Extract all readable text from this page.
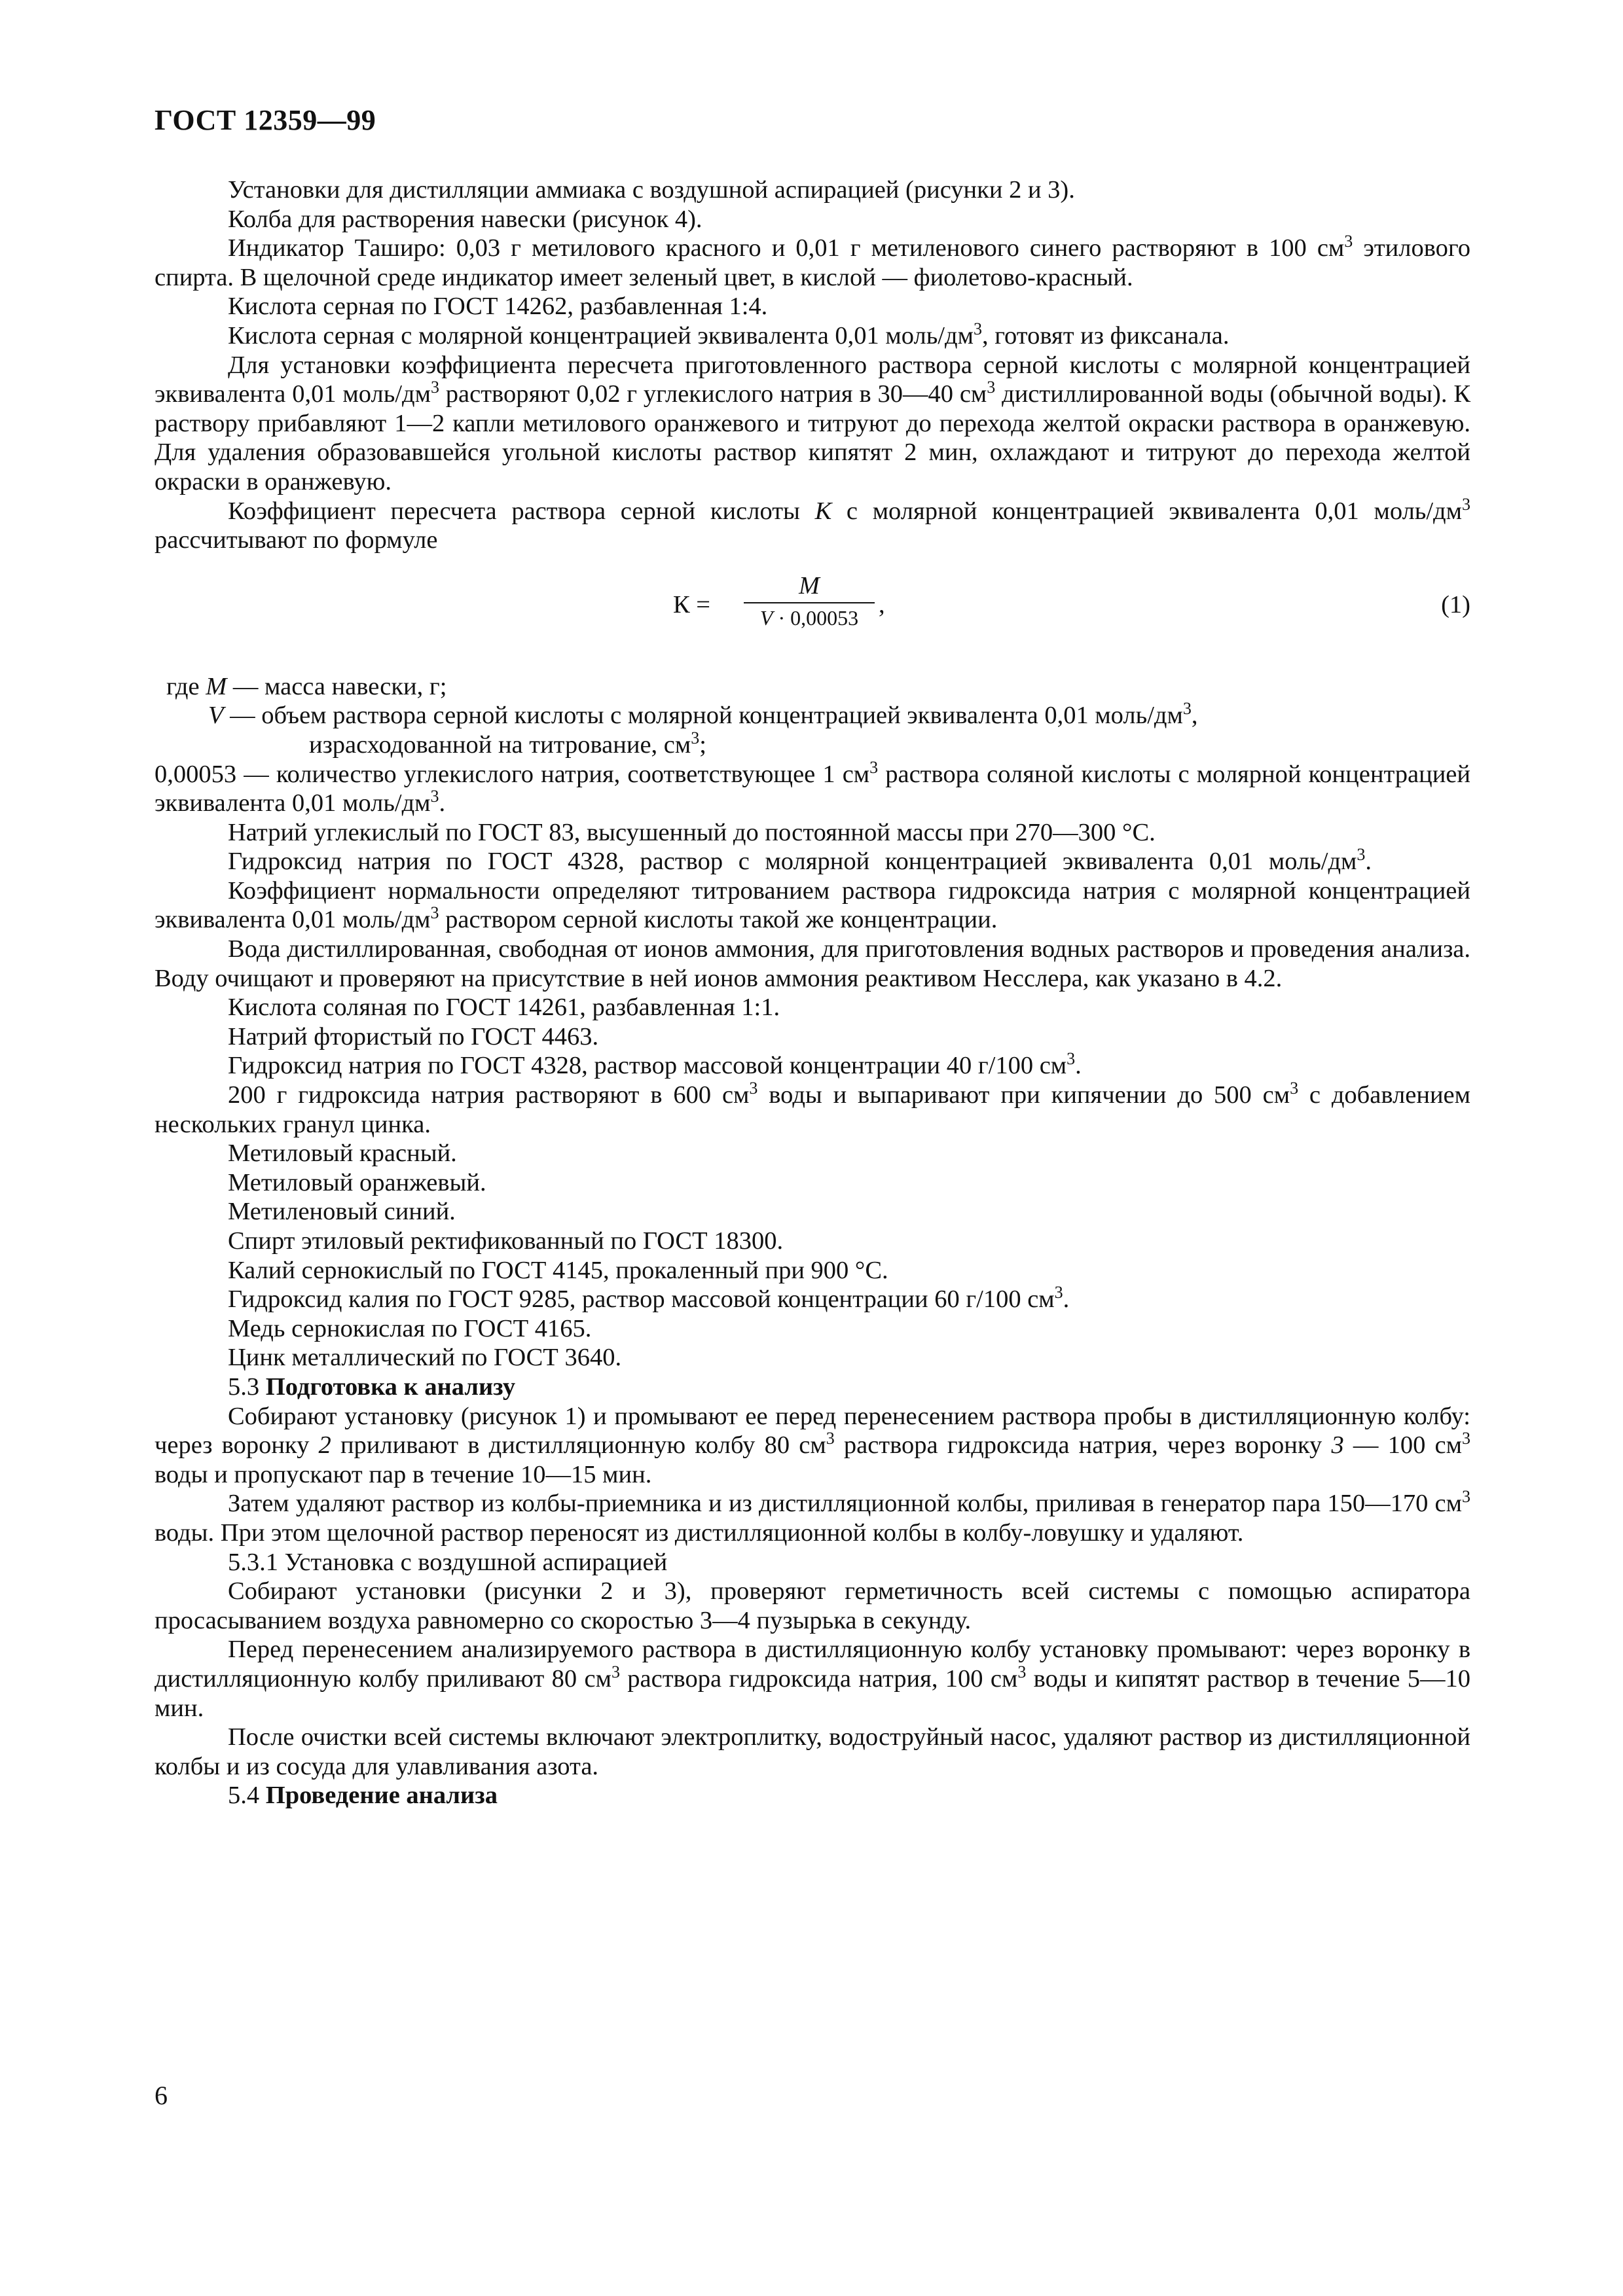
ГОСТ 12359—99

Установки для дистилляции аммиака с воздушной аспирацией (рисунки 2 и 3).

Колба для растворения навески (рисунок 4).

Индикатор Таширо: 0,03 г метилового красного и 0,01 г метиленового синего растворяют в 100 $см^3$ этилового спирта. В щелочной среде индикатор имеет зеленый цвет, в кислой — фиолетово-красный.

Кислота серная по ГОСТ 14262, разбавленная 1:4.

Кислота серная с молярной концентрацией эквивалента 0,01 моль/$дм^3$, готовят из фиксанала.

Для установки коэффициента пересчета приготовленного раствора серной кислоты с молярной концентрацией эквивалента 0,01 моль/$дм^3$ растворяют 0,02 г углекислого натрия в 30—40 $см^3$ дистиллированной воды (обычной воды). К раствору прибавляют 1—2 капли метилового оранжевого и титруют до перехода желтой окраски раствора в оранжевую. Для удаления образовавшейся угольной кислоты раствор кипятят 2 мин, охлаждают и титруют до перехода желтой окраски в оранжевую.

Коэффициент пересчета раствора серной кислоты К с молярной концентрацией эквивалента 0,01 моль/$дм^3$ рассчитывают по формуле

К =
M
V · 0,00053 ,	(1)

где M — масса навески, г;

V — объем раствора серной кислоты с молярной концентрацией эквивалента 0,01 моль/$дм^3$,

израсходованной на титрование, $см^3$;

0,00053 — количество углекислого натрия, соответствующее 1 $см^3$ раствора соляной кислоты с молярной концентрацией эквивалента 0,01 моль/$дм^3$.

Натрий углекислый по ГОСТ 83, высушенный до постоянной массы при 270—300 °С.

Гидроксид натрия по ГОСТ 4328, раствор с молярной концентрацией эквивалента 0,01 моль/$дм^3$.

Коэффициент нормальности определяют титрованием раствора гидроксида натрия с молярной концентрацией эквивалента 0,01 моль/$дм^3$ раствором серной кислоты такой же концентрации.

Вода дистиллированная, свободная от ионов аммония, для приготовления водных растворов и проведения анализа. Воду очищают и проверяют на присутствие в ней ионов аммония реактивом Несслера, как указано в 4.2.

Кислота соляная по ГОСТ 14261, разбавленная 1:1.

Натрий фтористый по ГОСТ 4463.

Гидроксид натрия по ГОСТ 4328, раствор массовой концентрации 40 г/100 $см^3$.

200 г гидроксида натрия растворяют в 600 $см^3$ воды и выпаривают при кипячении до 500 $см^3$ с добавлением нескольких гранул цинка.

Метиловый красный.

Метиловый оранжевый.

Метиленовый синий.

Спирт этиловый ректификованный по ГОСТ 18300.

Калий сернокислый по ГОСТ 4145, прокаленный при 900 °С.

Гидроксид калия по ГОСТ 9285, раствор массовой концентрации 60 г/100 $см^3$.

Медь сернокислая по ГОСТ 4165.

Цинк металлический по ГОСТ 3640.

5.3 Подготовка к анализу

Собирают установку (рисунок 1) и промывают ее перед перенесением раствора пробы в дистилляционную колбу: через воронку 2 приливают в дистилляционную колбу 80 $см^3$ раствора гидроксида натрия, через воронку 3 — 100 $см^3$ воды и пропускают пар в течение 10—15 мин.

Затем удаляют раствор из колбы-приемника и из дистилляционной колбы, приливая в генератор пара 150—170 $см^3$ воды. При этом щелочной раствор переносят из дистилляционной колбы в колбу-ловушку и удаляют.

5.3.1 Установка с воздушной аспирацией

Собирают установки (рисунки 2 и 3), проверяют герметичность всей системы с помощью аспиратора просасыванием воздуха равномерно со скоростью 3—4 пузырька в секунду.

Перед перенесением анализируемого раствора в дистилляционную колбу установку промывают: через воронку в дистилляционную колбу приливают 80 $см^3$ раствора гидроксида натрия, 100 $см^3$ воды и кипятят раствор в течение 5—10 мин.

После очистки всей системы включают электроплитку, водоструйный насос, удаляют раствор из дистилляционной колбы и из сосуда для улавливания азота.

5.4 Проведение анализа

6
